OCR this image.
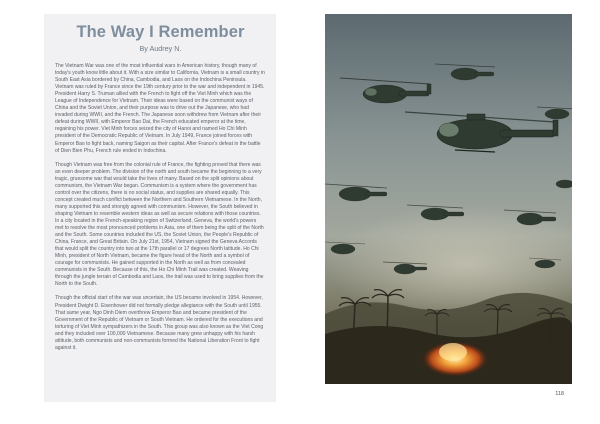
The Way I Remember
By Audrey N.

The Vietnam War was one of the most influential wars in American history, though many of today's youth know little about it. With a size similar to California, Vietnam is a small country in South East Asia bordered by China, Cambodia, and Laos on the Indochina Peninsula. Vietnam was ruled by France since the 19th century prior to the war and independent in 1945. President Harry S. Truman allied with the French to fight off the Viet Minh which was the League of Independence for Vietnam. Their ideas were based on the communist ways of China and the Soviet Union, and their purpose was to drive out the Japanese, who had invaded during WWII, and the French. The Japanese soon withdrew from Vietnam after their defeat during WWII, with Emperor Bao Dai, the French educated emperor at the time, regaining his power. Viet Minh forces seized the city of Hanoi and named Ho Chi Minh president of the Democratic Republic of Vietnam. In July 1949, France joined forces with Emperor Bao to fight back, naming Saigon as their capital. After France's defeat in the battle of Dien Bien Phu, French rule ended in Indochina.

Though Vietnam was free from the colonial rule of France, the fighting proved that there was an even deeper problem. The division of the north and south became the beginning to a very tragic, gruesome war that would take the lives of many. Based on the split opinions about communism, the Vietnam War began. Communism is a system where the government has control over the citizens, there is no social status, and supplies are shared equally. This concept created much conflict between the Northern and Southern Vietnamese. In the North, many supported this and strongly agreed with communism. However, the South believed in shaping Vietnam to resemble western ideas as well as secure relations with those countries. In a city located in the French-speaking region of Switzerland, Geneva, the world's powers met to resolve the most pronounced problems in Asia, one of them being the split of the North and the South. Some countries included the US, the Soviet Union, the People's Republic of China, France, and Great Britain. On July 21st, 1954, Vietnam signed the Geneva Accords that would split the country into two at the 17th parallel or 17 degrees North latitude. Ho Chi Minh, president of North Vietnam, became the figure head of the North and a symbol of courage for communists. He gained supported in the North as well as from concealed communists in the South. Because of this, the Ho Chi Minh Trail was created. Weaving through the jungle terrain of Cambodia and Laos, the trail was used to bring supplies from the North to the South.

Though the official start of the war was uncertain, the US became involved in 1954. However, President Dwight D. Eisenhower did not formally pledge allegiance with the South until 1955. That same year, Ngo Dinh Diem overthrew Emperor Bao and became president of the Government of the Republic of Vietnam or South Vietnam. He ordered for the executions and torturing of Viet Minh sympathizers in the South. This group was also known as the Viet Cong and they included over 100,000 Vietnamese. Because many grew unhappy with his harsh attitude, both communists and non-communists formed the National Liberation Front to fight against it.

118
